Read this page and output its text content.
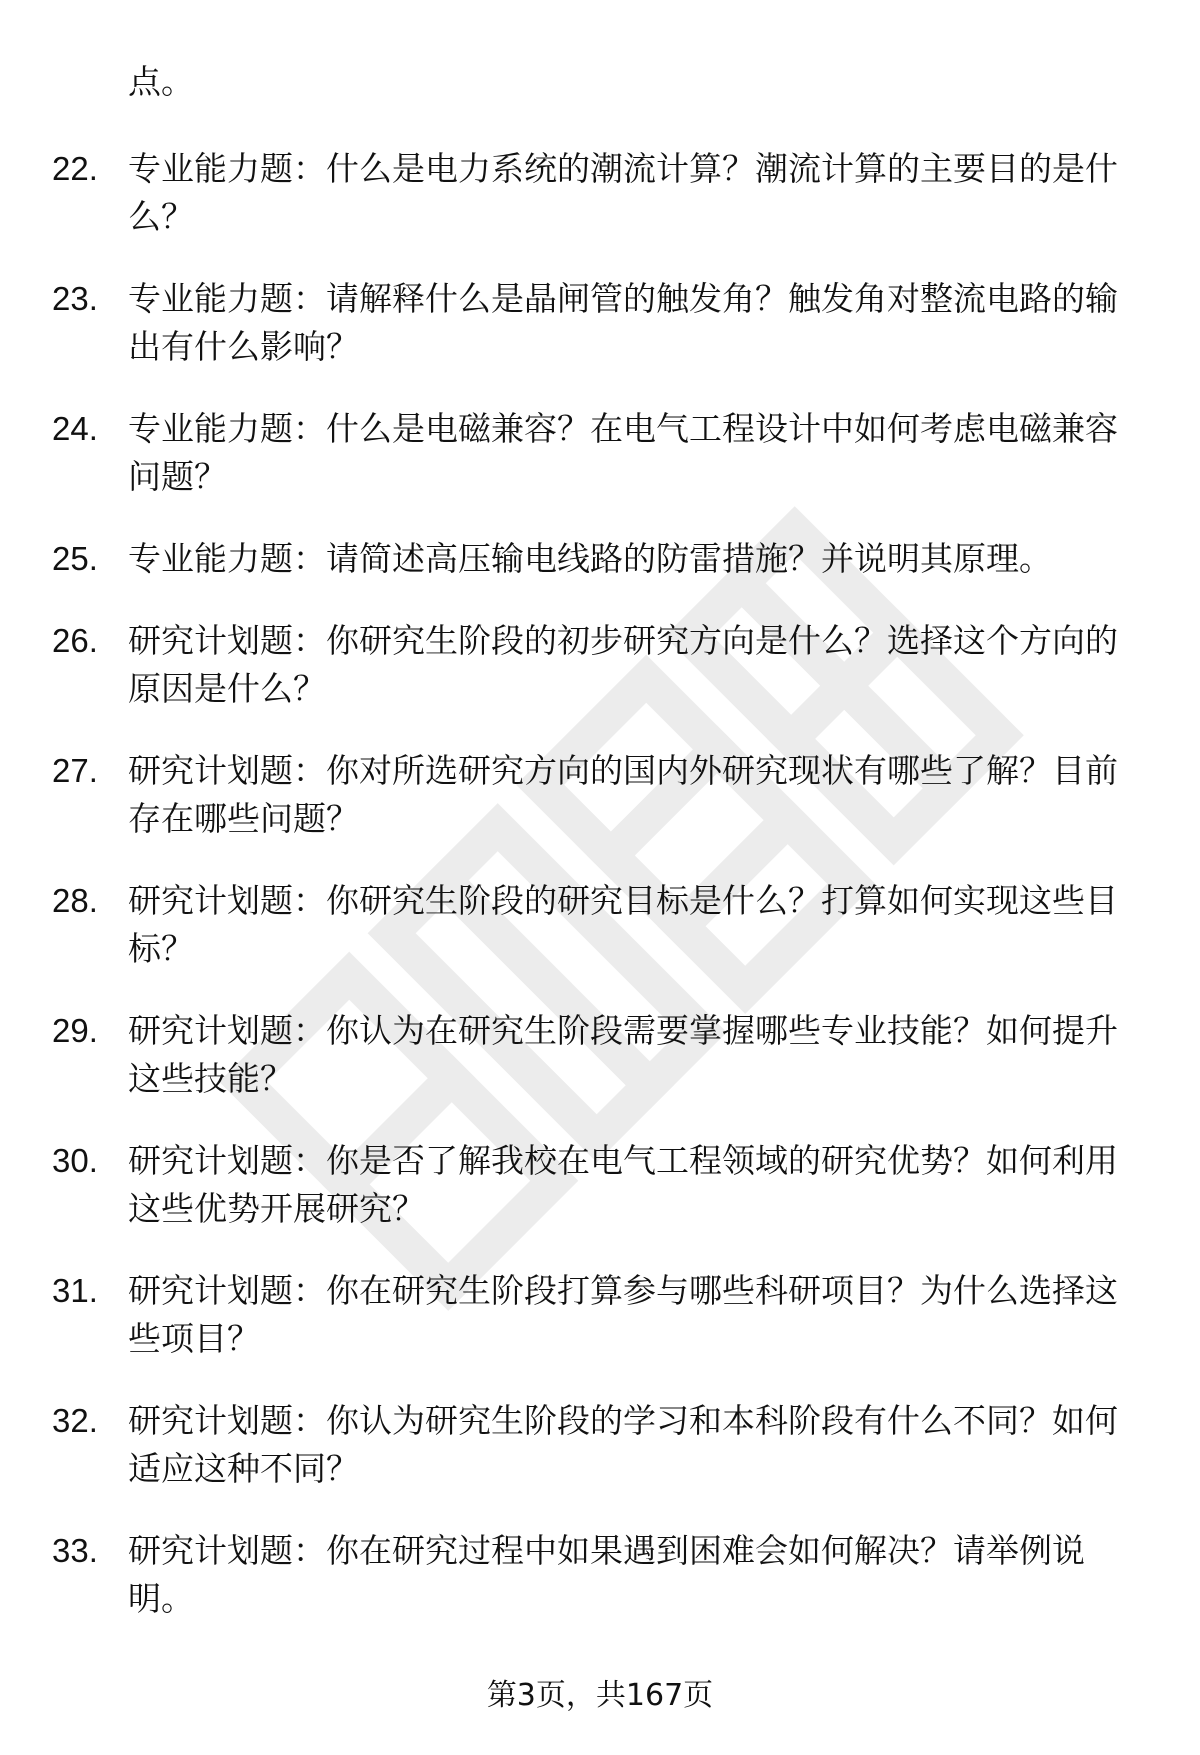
点。

22. 专业能力题：什么是电力系统的潮流计算？潮流计算的主要目的是什么？

23. 专业能力题：请解释什么是晶闸管的触发角？触发角对整流电路的输出有什么影响？

24. 专业能力题：什么是电磁兼容？在电气工程设计中如何考虑电磁兼容问题？

25. 专业能力题：请简述高压输电线路的防雷措施？并说明其原理。

26. 研究计划题：你研究生阶段的初步研究方向是什么？选择这个方向的原因是什么？

27. 研究计划题：你对所选研究方向的国内外研究现状有哪些了解？目前存在哪些问题？

28. 研究计划题：你研究生阶段的研究目标是什么？打算如何实现这些目标？

29. 研究计划题：你认为在研究生阶段需要掌握哪些专业技能？如何提升这些技能？

30. 研究计划题：你是否了解我校在电气工程领域的研究优势？如何利用这些优势开展研究？

31. 研究计划题：你在研究生阶段打算参与哪些科研项目？为什么选择这些项目？

32. 研究计划题：你认为研究生阶段的学习和本科阶段有什么不同？如何适应这种不同？

33. 研究计划题：你在研究过程中如果遇到困难会如何解决？请举例说明。

第3页，共167页
